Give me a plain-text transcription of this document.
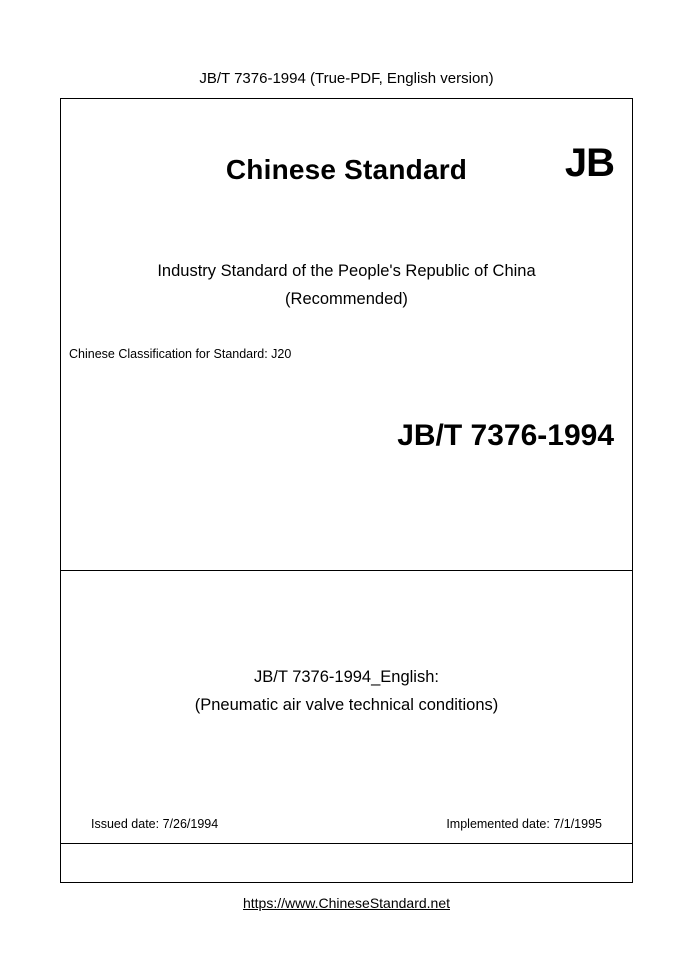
JB/T 7376-1994 (True-PDF, English version)
Chinese Standard	JB
Industry Standard of the People's Republic of China
(Recommended)
Chinese Classification for Standard: J20
JB/T 7376-1994
JB/T 7376-1994_English:
(Pneumatic air valve technical conditions)
Issued date: 7/26/1994	Implemented date: 7/1/1995
https://www.ChineseStandard.net
